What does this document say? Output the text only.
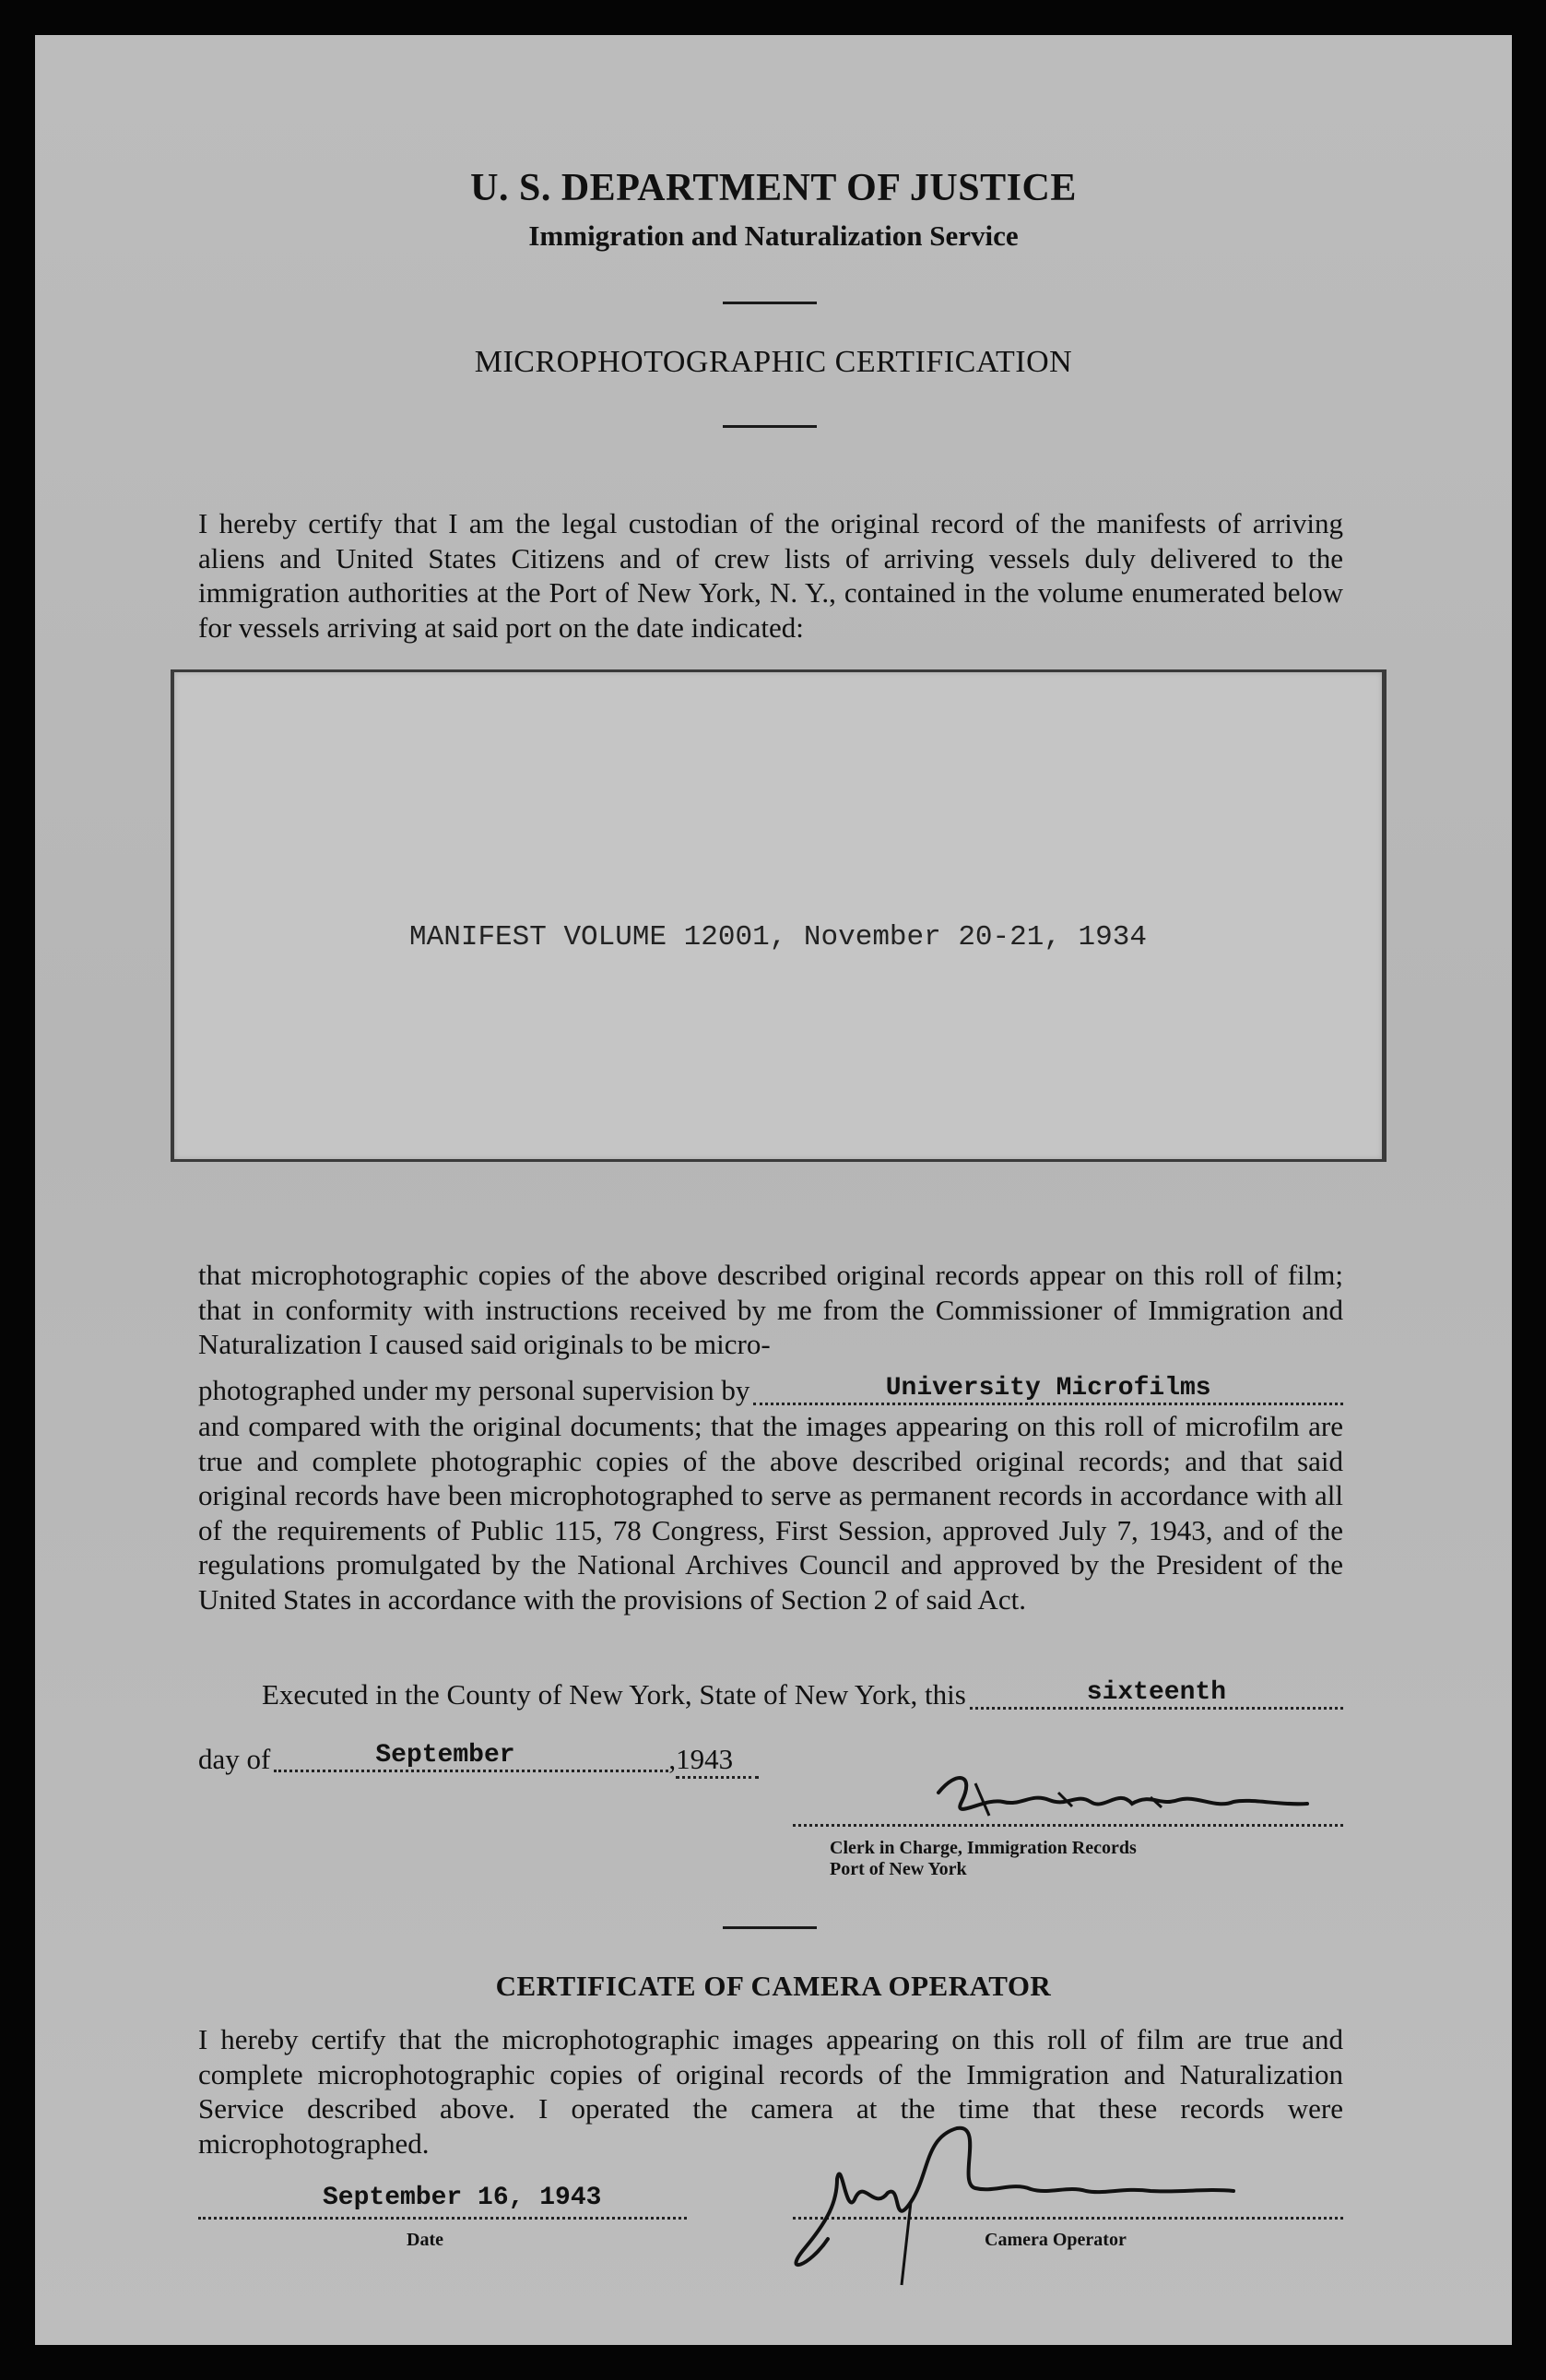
U. S. DEPARTMENT OF JUSTICE
Immigration and Naturalization Service
MICROPHOTOGRAPHIC CERTIFICATION
I hereby certify that I am the legal custodian of the original record of the manifests of arriving aliens and United States Citizens and of crew lists of arriving vessels duly delivered to the immigration authorities at the Port of New York, N. Y., contained in the volume enumerated below for vessels arriving at said port on the date indicated:
MANIFEST VOLUME 12001, November 20-21, 1934
that microphotographic copies of the above described original records appear on this roll of film; that in conformity with instructions received by me from the Commissioner of Immigration and Naturalization I caused said originals to be micro-
photographed under my personal supervision by	University Microfilms
and compared with the original documents; that the images appearing on this roll of microfilm are true and complete photographic copies of the above described original records; and that said original records have been microphotographed to serve as permanent records in accordance with all of the requirements of Public 115, 78 Congress, First Session, approved July 7, 1943, and of the regulations promulgated by the National Archives Council and approved by the President of the United States in accordance with the provisions of Section 2 of said Act.
Executed in the County of New York, State of New York, this	sixteenth
day of	September	, 1943
Clerk in Charge, Immigration Records
Port of New York
CERTIFICATE OF CAMERA OPERATOR
I hereby certify that the microphotographic images appearing on this roll of film are true and complete microphotographic copies of original records of the Immigration and Naturalization Service described above. I operated the camera at the time that these records were microphotographed.
September 16, 1943
Date	Camera Operator
